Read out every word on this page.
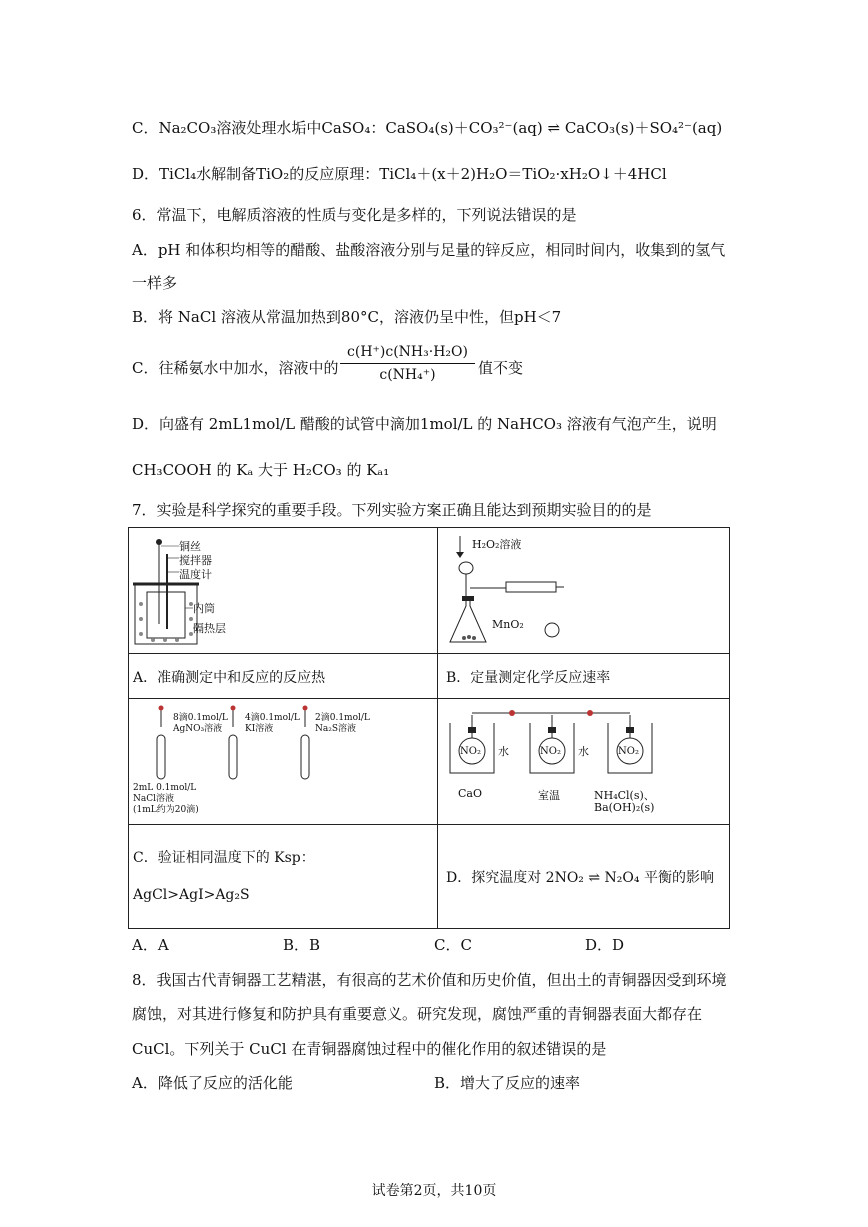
C．Na₂CO₃溶液处理水垢中CaSO₄：CaSO₄(s)＋CO₃²⁻(aq) ⇌ CaCO₃(s)＋SO₄²⁻(aq)
D．TiCl₄水解制备TiO₂的反应原理：TiCl₄＋(x＋2)H₂O＝TiO₂·xH₂O↓＋4HCl
6．常温下，电解质溶液的性质与变化是多样的，下列说法错误的是
A．pH 和体积均相等的醋酸、盐酸溶液分别与足量的锌反应，相同时间内，收集到的氢气
一样多
B．将 NaCl 溶液从常温加热到80°C，溶液仍呈中性，但pH＜7
C．往稀氨水中加水，溶液中的
c(H⁺)c(NH₃·H₂O)
c(NH₄⁺)	值不变
D．向盛有 2mL1mol/L 醋酸的试管中滴加1mol/L 的 NaHCO₃ 溶液有气泡产生，说明
CH₃COOH 的 Kₐ 大于 H₂CO₃ 的 Kₐ₁
7．实验是科学探究的重要手段。下列实验方案正确且能达到预期实验目的的是
铜丝
搅拌器
温度计
内筒
隔热层
H₂O₂溶液
MnO₂
A．准确测定中和反应的反应热	B．定量测定化学反应速率
8滴0.1mol/L
AgNO₃溶液
4滴0.1mol/L
KI溶液
2滴0.1mol/L
Na₂S溶液
2mL 0.1mol/L
NaCl溶液
(1mL约为20滴)
NO₂	NO₂	NO₂
水	水
CaO	室温	NH₄Cl(s)、
Ba(OH)₂(s)
C．验证相同温度下的 Ksp：
AgCl>AgI>Ag₂S
D．探究温度对 2NO₂ ⇌ N₂O₄ 平衡的影响
A．A	B．B	C．C	D．D
8．我国古代青铜器工艺精湛，有很高的艺术价值和历史价值，但出土的青铜器因受到环境
腐蚀，对其进行修复和防护具有重要意义。研究发现，腐蚀严重的青铜器表面大都存在
CuCl。下列关于 CuCl 在青铜器腐蚀过程中的催化作用的叙述错误的是
A．降低了反应的活化能	B．增大了反应的速率
试卷第2页，共10页
